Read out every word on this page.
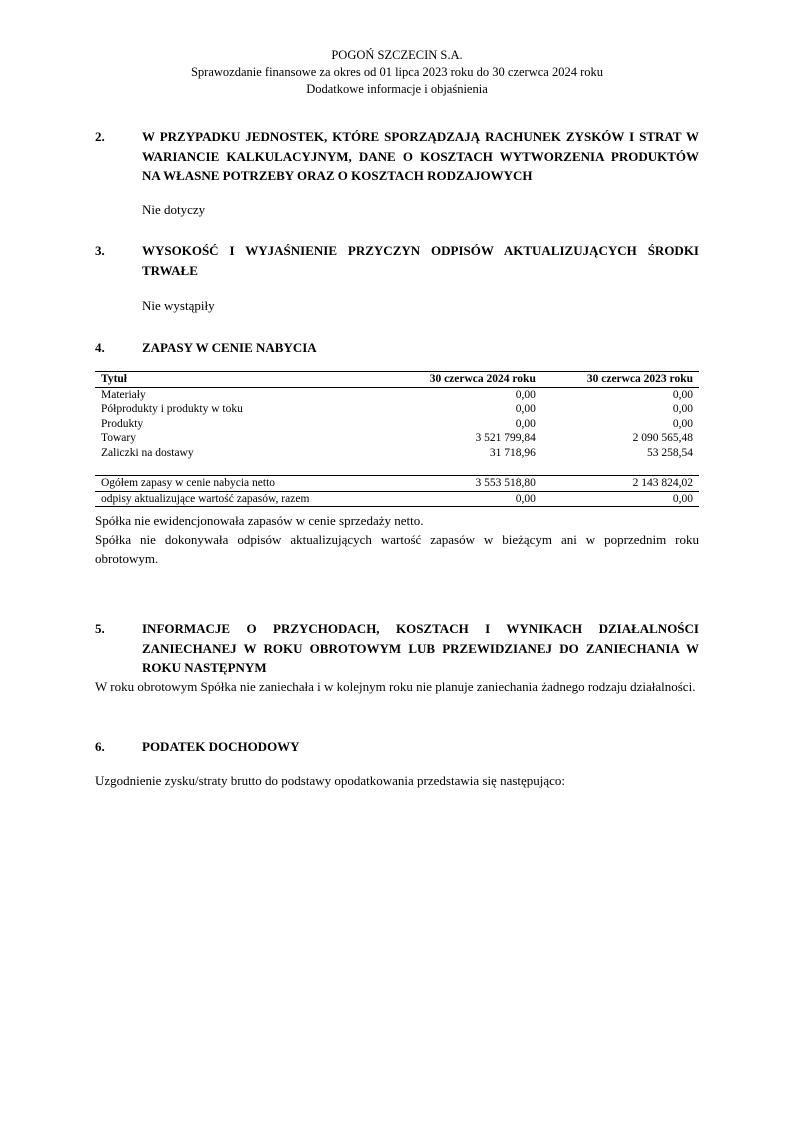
POGOŃ SZCZECIN S.A.
Sprawozdanie finansowe za okres od 01 lipca 2023 roku do 30 czerwca 2024 roku
Dodatkowe informacje i objaśnienia
2.	W PRZYPADKU JEDNOSTEK, KTÓRE SPORZĄDZAJĄ RACHUNEK ZYSKÓW I STRAT W
WARIANCIE KALKULACYJNYM, DANE O KOSZTACH WYTWORZENIA PRODUKTÓW
NA WŁASNE POTRZEBY ORAZ O KOSZTACH RODZAJOWYCH
Nie dotyczy
3.	WYSOKOŚĆ I WYJAŚNIENIE PRZYCZYN ODPISÓW AKTUALIZUJĄCYCH ŚRODKI
TRWAŁE
Nie wystąpiły
4.	ZAPASY W CENIE NABYCIA
Tytuł	30 czerwca 2024 roku	30 czerwca 2023 roku
Materiały	0,00	0,00
Półprodukty i produkty w toku	0,00	0,00
Produkty	0,00	0,00
Towary	3 521 799,84	2 090 565,48
Zaliczki na dostawy	31 718,96	53 258,54

Ogółem zapasy w cenie nabycia netto	3 553 518,80	2 143 824,02
odpisy aktualizujące wartość zapasów, razem	0,00	0,00
Spółka nie ewidencjonowała zapasów w cenie sprzedaży netto.
Spółka nie dokonywała odpisów aktualizujących wartość zapasów w bieżącym ani w poprzednim roku
obrotowym.
5.	INFORMACJE O PRZYCHODACH, KOSZTACH I WYNIKACH DZIAŁALNOŚCI
ZANIECHANEJ W ROKU OBROTOWYM LUB PRZEWIDZIANEJ DO ZANIECHANIA W
ROKU NASTĘPNYM
W roku obrotowym Spółka nie zaniechała i w kolejnym roku nie planuje zaniechania żadnego rodzaju działalności.
6.	PODATEK DOCHODOWY
Uzgodnienie zysku/straty brutto do podstawy opodatkowania przedstawia się następująco:
